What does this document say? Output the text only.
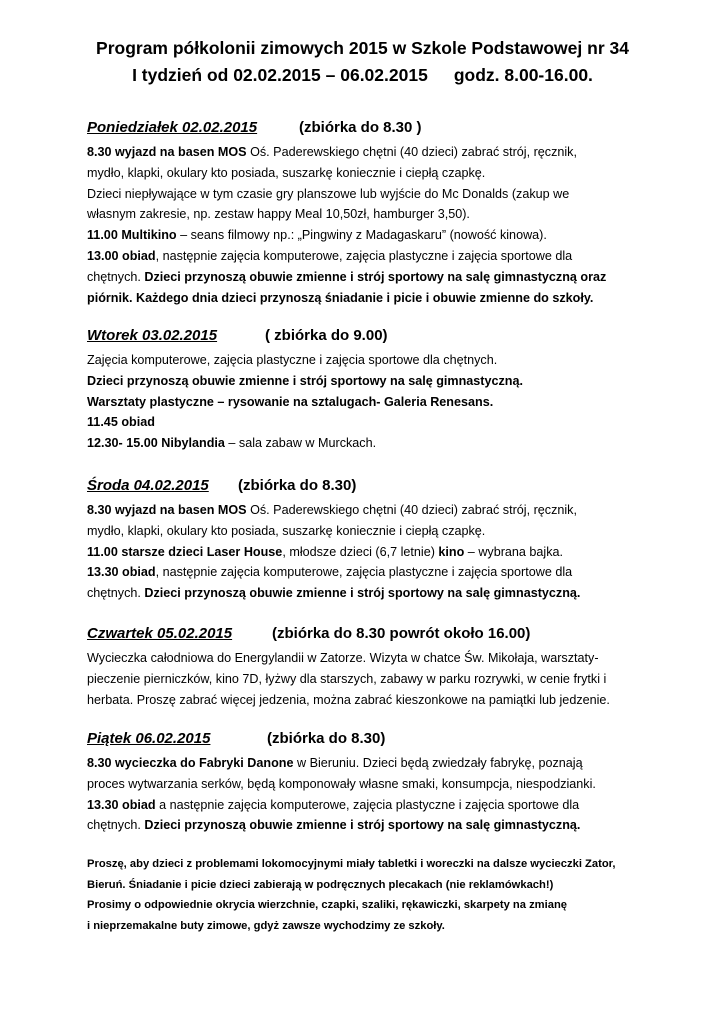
Program półkolonii zimowych 2015 w Szkole Podstawowej nr 34
I tydzień od 02.02.2015 – 06.02.2015 godz. 8.00-16.00.
Poniedziałek 02.02.2015	(zbiórka do 8.30 )
8.30 wyjazd na basen MOS Oś. Paderewskiego chętni (40 dzieci) zabrać strój, ręcznik,
mydło, klapki, okulary kto posiada, suszarkę koniecznie i ciepłą czapkę.
Dzieci niepływające w tym czasie gry planszowe lub wyjście do Mc Donalds (zakup we
własnym zakresie, np. zestaw happy Meal 10,50zł, hamburger 3,50).
11.00 Multikino – seans filmowy np.: „Pingwiny z Madagaskaru” (nowość kinowa).
13.00 obiad, następnie zajęcia komputerowe, zajęcia plastyczne i zajęcia sportowe dla
chętnych. Dzieci przynoszą obuwie zmienne i strój sportowy na salę gimnastyczną oraz
piórnik. Każdego dnia dzieci przynoszą śniadanie i picie i obuwie zmienne do szkoły.
Wtorek 03.02.2015	( zbiórka do 9.00)
Zajęcia komputerowe, zajęcia plastyczne i zajęcia sportowe dla chętnych.
Dzieci przynoszą obuwie zmienne i strój sportowy na salę gimnastyczną.
Warsztaty plastyczne – rysowanie na sztalugach- Galeria Renesans.
11.45 obiad
12.30- 15.00 Nibylandia – sala zabaw w Murckach.
Środa 04.02.2015 (zbiórka do 8.30)
8.30 wyjazd na basen MOS Oś. Paderewskiego chętni (40 dzieci) zabrać strój, ręcznik,
mydło, klapki, okulary kto posiada, suszarkę koniecznie i ciepłą czapkę.
11.00 starsze dzieci Laser House, młodsze dzieci (6,7 letnie) kino – wybrana bajka.
13.30 obiad, następnie zajęcia komputerowe, zajęcia plastyczne i zajęcia sportowe dla
chętnych. Dzieci przynoszą obuwie zmienne i strój sportowy na salę gimnastyczną.
Czwartek 05.02.2015	(zbiórka do 8.30 powrót około 16.00)
Wycieczka całodniowa do Energylandii w Zatorze. Wizyta w chatce Św. Mikołaja, warsztaty-
pieczenie pierniczków, kino 7D, łyżwy dla starszych, zabawy w parku rozrywki, w cenie frytki i
herbata. Proszę zabrać więcej jedzenia, można zabrać kieszonkowe na pamiątki lub jedzenie.
Piątek 06.02.2015	(zbiórka do 8.30)
8.30 wycieczka do Fabryki Danone w Bieruniu. Dzieci będą zwiedzały fabrykę, poznają
proces wytwarzania serków, będą komponowały własne smaki, konsumpcja, niespodzianki.
13.30 obiad a następnie zajęcia komputerowe, zajęcia plastyczne i zajęcia sportowe dla
chętnych. Dzieci przynoszą obuwie zmienne i strój sportowy na salę gimnastyczną.
Proszę, aby dzieci z problemami lokomocyjnymi miały tabletki i woreczki na dalsze wycieczki Zator,
Bieruń. Śniadanie i picie dzieci zabierają w podręcznych plecakach (nie reklamówkach!)
Prosimy o odpowiednie okrycia wierzchnie, czapki, szaliki, rękawiczki, skarpety na zmianę
i nieprzemakalne buty zimowe, gdyż zawsze wychodzimy ze szkoły.
